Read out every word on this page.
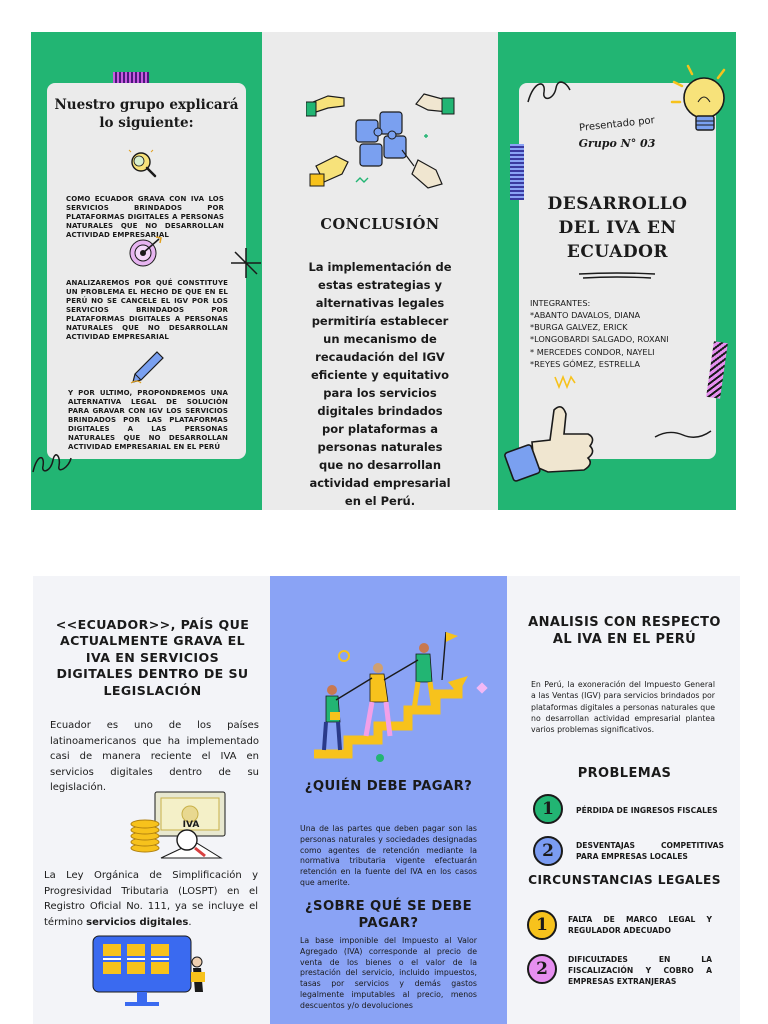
Nuestro grupo explicará lo siguiente:
COMO ECUADOR GRAVA CON IVA LOS SERVICIOS BRINDADOS POR PLATAFORMAS DIGITALES A PERSONAS NATURALES QUE NO DESARROLLAN ACTIVIDAD EMPRESARIAL
ANALIZAREMOS POR QUÉ CONSTITUYE UN PROBLEMA EL HECHO DE QUE EN EL PERÚ NO SE CANCELE EL IGV POR LOS SERVICIOS BRINDADOS POR PLATAFORMAS DIGITALES A PERSONAS NATURALES QUE NO DESARROLLAN ACTIVIDAD EMPRESARIAL
Y POR ULTIMO, PROPONDREMOS UNA ALTERNATIVA LEGAL DE SOLUCIÓN PARA GRAVAR CON IGV LOS SERVICIOS BRINDADOS POR LAS PLATAFORMAS DIGITALES A LAS PERSONAS NATURALES QUE NO DESARROLLAN ACTIVIDAD EMPRESARIAL EN EL PERÚ
CONCLUSIÓN
La implementación de estas estrategias y alternativas legales permitiría establecer un mecanismo de recaudación del IGV eficiente y equitativo para los servicios digitales brindados por plataformas a personas naturales que no desarrollan actividad empresarial en el Perú.
Presentado por
Grupo N° 03
DESARROLLO DEL IVA EN ECUADOR
INTEGRANTES:
*ABANTO DAVALOS, DIANA
*BURGA GALVEZ, ERICK
*LONGOBARDI SALGADO, ROXANI
* MERCEDES CONDOR, NAYELI
*REYES GÓMEZ, ESTRELLA
<<ECUADOR>>, PAÍS QUE ACTUALMENTE GRAVA EL IVA EN SERVICIOS DIGITALES DENTRO DE SU LEGISLACIÓN
Ecuador es uno de los países latinoamericanos que ha implementado casi de manera reciente el IVA en servicios digitales dentro de su legislación.
IVA
La Ley Orgánica de Simplificación y Progresividad Tributaria (LOSPT) en el Registro Oficial No. 111, ya se incluye el término servicios digitales.
¿QUIÉN DEBE PAGAR?
Una de las partes que deben pagar son las personas naturales y sociedades designadas como agentes de retención mediante la normativa tributaria vigente efectuarán retención en la fuente del IVA en los casos que amerite.
¿SOBRE QUÉ SE DEBE PAGAR?
La base imponible del Impuesto al Valor Agregado (IVA) corresponde al precio de venta de los bienes o el valor de la prestación del servicio, incluido impuestos, tasas por servicios y demás gastos legalmente imputables al precio, menos descuentos y/o devoluciones
ANALISIS CON RESPECTO AL IVA EN EL PERÚ
En Perú, la exoneración del Impuesto General a las Ventas (IGV) para servicios brindados por plataformas digitales a personas naturales que no desarrollan actividad empresarial plantea varios problemas significativos.
PROBLEMAS
1	PÉRDIDA DE INGRESOS FISCALES
2	DESVENTAJAS COMPETITIVAS PARA EMPRESAS LOCALES
CIRCUNSTANCIAS LEGALES
1	FALTA DE MARCO LEGAL Y REGULADOR ADECUADO
2	DIFICULTADES EN LA FISCALIZACIÓN Y COBRO A EMPRESAS EXTRANJERAS
